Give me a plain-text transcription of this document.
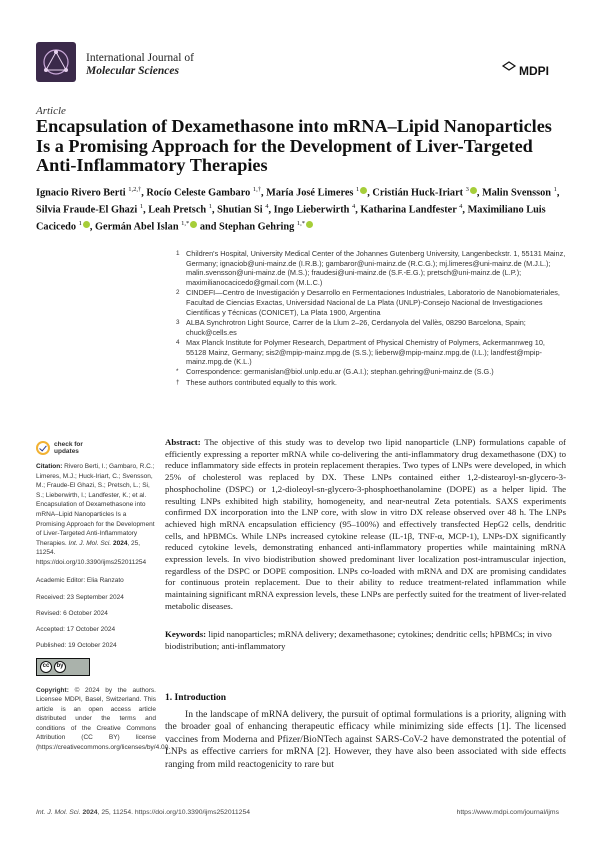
International Journal of
Molecular Sciences	MDPI
Article
Encapsulation of Dexamethasone into mRNA–Lipid Nanoparticles Is a Promising Approach for the Development of Liver-Targeted Anti-Inflammatory Therapies
Ignacio Rivero Berti $^{1,2,\dagger}$, Rocío Celeste Gambaro $^{1,\dagger}$, María José Limeres $^1$ , Cristián Huck-Iriart $^3$ , Malin Svensson $^1$, Silvia Fraude-El Ghazi $^1$, Leah Pretsch $^1$, Shutian Si $^4$, Ingo Lieberwirth $^4$, Katharina Landfester $^4$, Maximiliano Luis Cacicedo $^1$ , Germán Abel Islan $^{1,*}$ and Stephan Gehring $^{1,*}$
1 Children's Hospital, University Medical Center of the Johannes Gutenberg University, Langenbeckstr. 1, 55131 Mainz, Germany; ignaciob@uni-mainz.de (I.R.B.); gambaror@uni-mainz.de (R.C.G.); mj.limeres@uni-mainz.de (M.J.L.); malin.svensson@uni-mainz.de (M.S.); fraudesi@uni-mainz.de (S.F.-E.G.); pretsch@uni-mainz.de (L.P.); maximilianocacicedo@gmail.com (M.L.C.)
2 CINDEFI—Centro de Investigación y Desarrollo en Fermentaciones Industriales, Laboratorio de Nanobiomateriales, Facultad de Ciencias Exactas, Universidad Nacional de La Plata (UNLP)-Consejo Nacional de Investigaciones Científicas y Técnicas (CONICET), La Plata 1900, Argentina
3 ALBA Synchrotron Light Source, Carrer de la Llum 2–26, Cerdanyola del Vallès, 08290 Barcelona, Spain; chuck@cells.es
4 Max Planck Institute for Polymer Research, Department of Physical Chemistry of Polymers, Ackermannweg 10, 55128 Mainz, Germany; sis2@mpip-mainz.mpg.de (S.S.); lieberw@mpip-mainz.mpg.de (I.L.); landfest@mpip-mainz.mpg.de (K.L.)
*	Correspondence: germanislan@biol.unlp.edu.ar (G.A.I.); stephan.gehring@uni-mainz.de (S.G.)
† These authors contributed equally to this work.
check for
updates
Citation: Rivero Berti, I.; Gambaro, R.C.; Limeres, M.J.; Huck-Iriart, C.; Svensson, M.; Fraude-El Ghazi, S.; Pretsch, L.; Si, S.; Lieberwirth, I.; Landfester, K.; et al. Encapsulation of Dexamethasone into mRNA–Lipid Nanoparticles Is a Promising Approach for the Development of Liver-Targeted Anti-Inflammatory Therapies. Int. J. Mol. Sci. 2024, 25, 11254. https://doi.org/10.3390/ijms252011254
Academic Editor: Elia Ranzato
Received: 23 September 2024
Revised: 6 October 2024
Accepted: 17 October 2024
Published: 19 October 2024
cc	by
Copyright: © 2024 by the authors. Licensee MDPI, Basel, Switzerland. This article is an open access article distributed under the terms and conditions of the Creative Commons Attribution (CC BY) license (https://creativecommons.org/licenses/by/4.0/).
Abstract: The objective of this study was to develop two lipid nanoparticle (LNP) formulations capable of efficiently expressing a reporter mRNA while co-delivering the anti-inflammatory drug dexamethasone (DX) to reduce inflammatory side effects in protein replacement therapies. Two types of LNPs were developed, in which 25% of cholesterol was replaced by DX. These LNPs contained either 1,2-distearoyl-sn-glycero-3-phosphocholine (DSPC) or 1,2-dioleoyl-sn-glycero-3-phosphoethanolamine (DOPE) as a helper lipid. The resulting LNPs exhibited high stability, homogeneity, and near-neutral Zeta potentials. SAXS experiments confirmed DX incorporation into the LNP core, with slow in vitro DX release observed over 48 h. The LNPs achieved high mRNA encapsulation efficiency (95–100%) and effectively transfected HepG2 cells, dendritic cells, and hPBMCs. While LNPs increased cytokine release (IL-1β, TNF-α, MCP-1), LNPs-DX significantly reduced cytokine levels, demonstrating enhanced anti-inflammatory properties while maintaining mRNA expression levels. In vivo biodistribution showed predominant liver localization post-intramuscular injection, regardless of the DSPC or DOPE composition. LNPs co-loaded with mRNA and DX are promising candidates for continuous protein replacement. Due to their ability to reduce treatment-related inflammation while maintaining significant mRNA expression levels, these LNPs are perfectly suited for the treatment of liver-related metabolic diseases.
Keywords: lipid nanoparticles; mRNA delivery; dexamethasone; cytokines; dendritic cells; hPBMCs; in vivo biodistribution; anti-inflammatory
1. Introduction
In the landscape of mRNA delivery, the pursuit of optimal formulations is a priority, aligning with the broader goal of enhancing therapeutic efficacy while minimizing side effects [1]. The licensed vaccines from Moderna and Pfizer/BioNTech against SARS-CoV-2 have demonstrated the potential of LNPs as effective carriers for mRNA [2]. However, they have also been associated with side effects ranging from mild reactogenicity to rare but
Int. J. Mol. Sci. 2024, 25, 11254. https://doi.org/10.3390/ijms252011254	https://www.mdpi.com/journal/ijms
